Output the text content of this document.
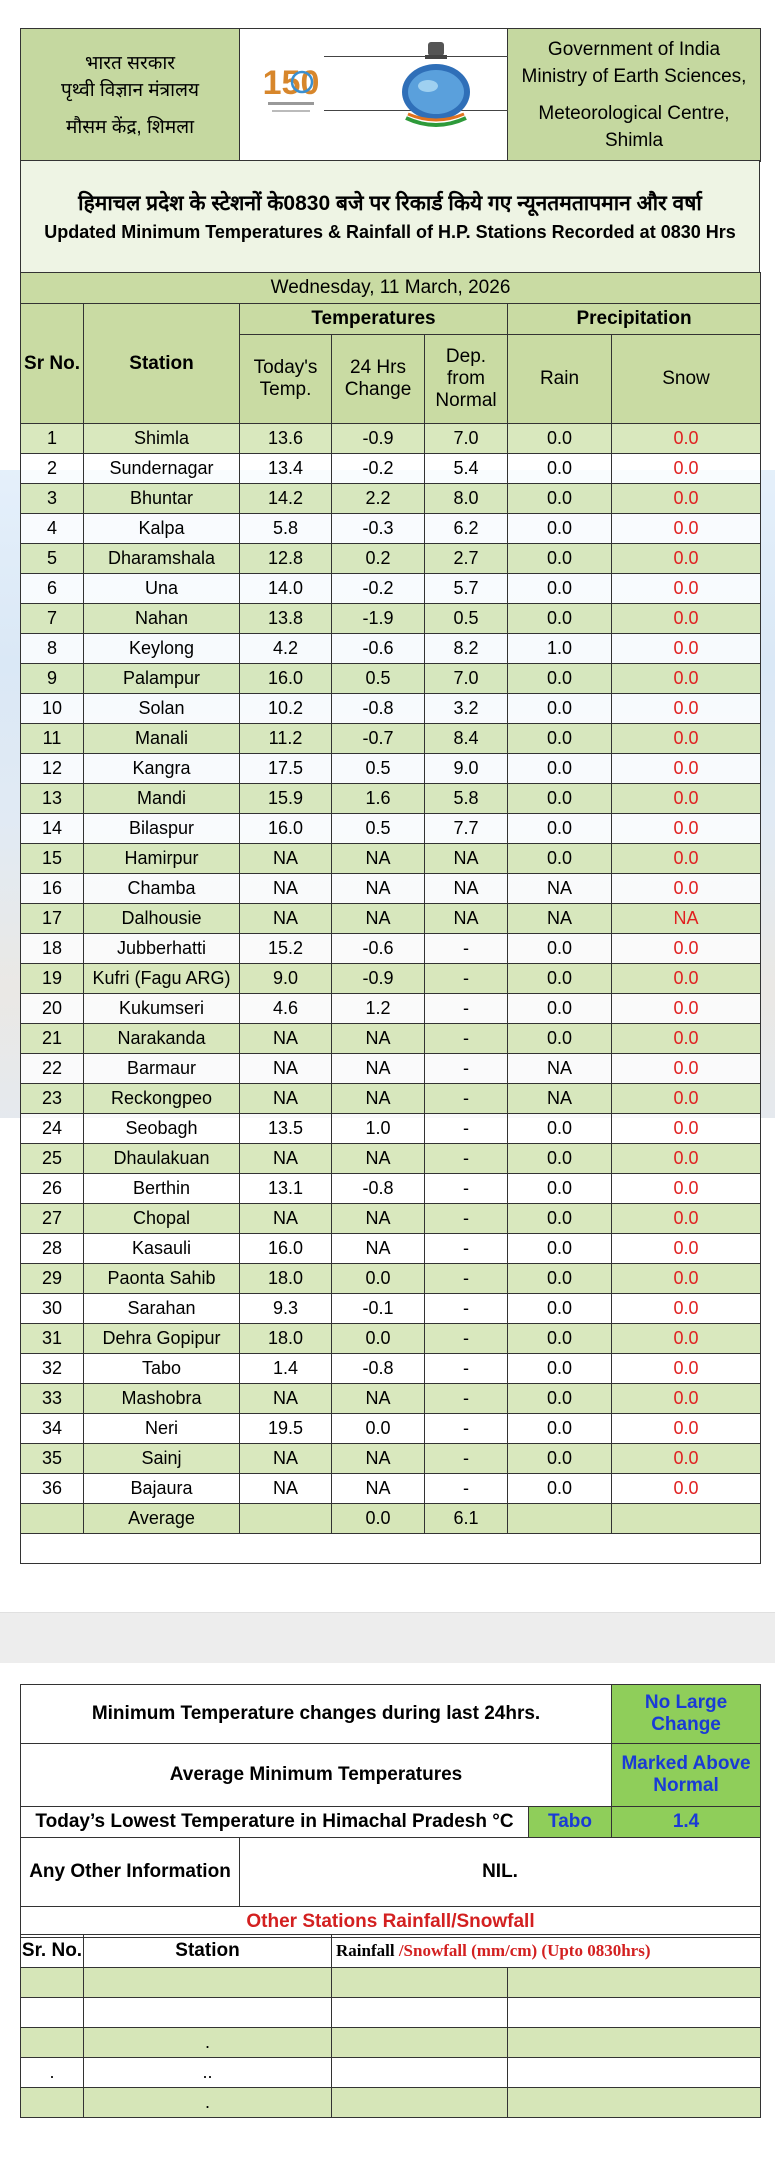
भारत सरकार
पृथ्वी विज्ञान मंत्रालय
मौसम केंद्र, शिमला

Government of India
Ministry of Earth Sciences,
Meteorological Centre,
Shimla
150
हिमाचल प्रदेश के स्टेशनों के0830 बजे पर रिकार्ड किये गए न्यूनतमतापमान और वर्षा
Updated Minimum Temperatures & Rainfall of H.P. Stations Recorded at 0830 Hrs
Wednesday, 11 March, 2026						
Sr No.	Station	Temperatures			Precipitation	
		Today's Temp.	24 Hrs Change	Dep. from Normal	Rain	Snow
1	Shimla	13.6	-0.9	7.0	0.0	0.0
2	Sundernagar	13.4	-0.2	5.4	0.0	0.0
3	Bhuntar	14.2	2.2	8.0	0.0	0.0
4	Kalpa	5.8	-0.3	6.2	0.0	0.0
5	Dharamshala	12.8	0.2	2.7	0.0	0.0
6	Una	14.0	-0.2	5.7	0.0	0.0
7	Nahan	13.8	-1.9	0.5	0.0	0.0
8	Keylong	4.2	-0.6	8.2	1.0	0.0
9	Palampur	16.0	0.5	7.0	0.0	0.0
10	Solan	10.2	-0.8	3.2	0.0	0.0
11	Manali	11.2	-0.7	8.4	0.0	0.0
12	Kangra	17.5	0.5	9.0	0.0	0.0
13	Mandi	15.9	1.6	5.8	0.0	0.0
14	Bilaspur	16.0	0.5	7.7	0.0	0.0
15	Hamirpur	NA	NA	NA	0.0	0.0
16	Chamba	NA	NA	NA	NA	0.0
17	Dalhousie	NA	NA	NA	NA	NA
18	Jubberhatti	15.2	-0.6	-	0.0	0.0
19	Kufri (Fagu ARG)	9.0	-0.9	-	0.0	0.0
20	Kukumseri	4.6	1.2	-	0.0	0.0
21	Narakanda	NA	NA	-	0.0	0.0
22	Barmaur	NA	NA	-	NA	0.0
23	Reckongpeo	NA	NA	-	NA	0.0
24	Seobagh	13.5	1.0	-	0.0	0.0
25	Dhaulakuan	NA	NA	-	0.0	0.0
26	Berthin	13.1	-0.8	-	0.0	0.0
27	Chopal	NA	NA	-	0.0	0.0
28	Kasauli	16.0	NA	-	0.0	0.0
29	Paonta Sahib	18.0	0.0	-	0.0	0.0
30	Sarahan	9.3	-0.1	-	0.0	0.0
31	Dehra Gopipur	18.0	0.0	-	0.0	0.0
32	Tabo	1.4	-0.8	-	0.0	0.0
33	Mashobra	NA	NA	-	0.0	0.0
34	Neri	19.5	0.0	-	0.0	0.0
35	Sainj	NA	NA	-	0.0	0.0
36	Bajaura	NA	NA	-	0.0	0.0
	Average		0.0	6.1		

Minimum Temperature changes during last 24hrs.			No Large Change
Average Minimum Temperatures			Marked Above Normal
Today’s Lowest Temperature in Himachal Pradesh °C		Tabo	1.4
Any Other Information	NIL.		
Other Stations Rainfall/Snowfall			
Sr. No.	Station	Rainfall /Snowfall (mm/cm) (Upto 0830hrs)	

	.		
.	..		
	.		
